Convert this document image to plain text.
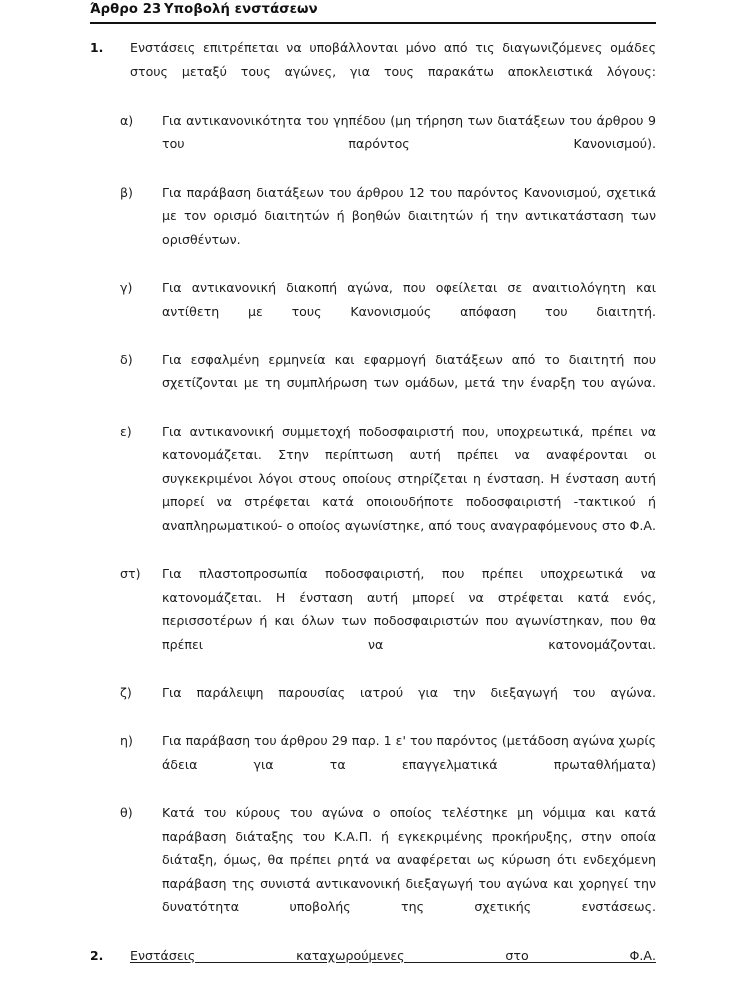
Άρθρο 23 Υποβολή ενστάσεων
1.	Ενστάσεις επιτρέπεται να υποβάλλονται μόνο από τις διαγωνιζόμενες ομάδες στους μεταξύ τους αγώνες, για τους παρακάτω αποκλειστικά λόγους:
α)	Για αντικανονικότητα του γηπέδου (μη τήρηση των διατάξεων του άρθρου 9 του παρόντος Κανονισμού).
β)	Για παράβαση διατάξεων του άρθρου 12 του παρόντος Κανονισμού, σχετικά με τον ορισμό διαιτητών ή βοηθών διαιτητών ή την αντικατάσταση των ορισθέντων.
γ)	Για αντικανονική διακοπή αγώνα, που οφείλεται σε αναιτιολόγητη και αντίθετη με τους Κανονισμούς απόφαση του διαιτητή.
δ)	Για εσφαλμένη ερμηνεία και εφαρμογή διατάξεων από το διαιτητή που σχετίζονται με τη συμπλήρωση των ομάδων, μετά την έναρξη του αγώνα.
ε)	Για αντικανονική συμμετοχή ποδοσφαιριστή που, υποχρεωτικά, πρέπει να κατονομάζεται. Στην περίπτωση αυτή πρέπει να αναφέρονται οι συγκεκριμένοι λόγοι στους οποίους στηρίζεται η ένσταση. Η ένσταση αυτή μπορεί να στρέφεται κατά οποιουδήποτε ποδοσφαιριστή -τακτικού ή αναπληρωματικού- ο οποίος αγωνίστηκε, από τους αναγραφόμενους στο Φ.Α.
στ)	Για πλαστοπροσωπία ποδοσφαιριστή, που πρέπει υποχρεωτικά να κατονομάζεται. Η ένσταση αυτή μπορεί να στρέφεται κατά ενός, περισσοτέρων ή και όλων των ποδοσφαιριστών που αγωνίστηκαν, που θα πρέπει να κατονομάζονται.
ζ)	Για παράλειψη παρουσίας ιατρού για την διεξαγωγή του αγώνα.
η)	Για παράβαση του άρθρου 29 παρ. 1 ε' του παρόντος (μετάδοση αγώνα χωρίς άδεια για τα επαγγελματικά πρωταθλήματα)
θ)	Κατά του κύρους του αγώνα ο οποίος τελέστηκε μη νόμιμα και κατά παράβαση διάταξης του Κ.Α.Π. ή εγκεκριμένης προκήρυξης, στην οποία διάταξη, όμως, θα πρέπει ρητά να αναφέρεται ως κύρωση ότι ενδεχόμενη παράβαση της συνιστά αντικανονική διεξαγωγή του αγώνα και χορηγεί την δυνατότητα υποβολής της σχετικής ενστάσεως.
2.	Ενστάσεις καταχωρούμενες στο Φ.Α.
